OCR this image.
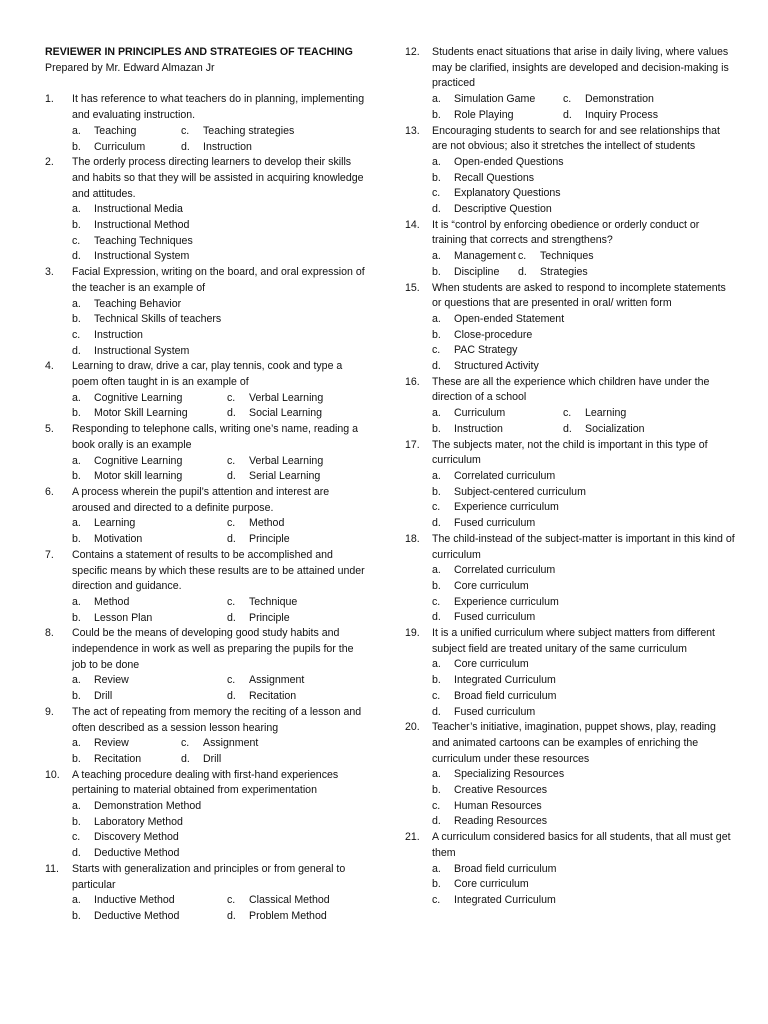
REVIEWER IN PRINCIPLES AND STRATEGIES OF TEACHING

Prepared by Mr. Edward Almazan Jr

1.	It has reference to what teachers do in planning, implementing and evaluating instruction.

a.	Teaching	c.	Teaching strategies
b.	Curriculum	d.	Instruction
2.	The orderly process directing learners to develop their skills and habits so that they will be assisted in acquiring knowledge and attitudes.

a.	Instructional Media
b.	Instructional Method
c.	Teaching Techniques
d.	Instructional System
3.	Facial Expression, writing on the board, and oral expression of the teacher is an example of

a.	Teaching Behavior
b.	Technical Skills of teachers
c.	Instruction
d.	Instructional System
4.	Learning to draw, drive a car, play tennis, cook and type a poem often taught in is an example of

a.	Cognitive Learning	c.	Verbal Learning
b.	Motor Skill Learning	d.	Social Learning
5.	Responding to telephone calls, writing one’s name, reading a book orally is an example

a.	Cognitive Learning	c.	Verbal Learning
b.	Motor skill learning	d.	Serial Learning
6.	A process wherein the pupil’s attention and interest are aroused and directed to a definite purpose.

a.	Learning	c.	Method
b.	Motivation	d.	Principle
7.	Contains a statement of results to be accomplished and specific means by which these results are to be attained under direction and guidance.

a.	Method	c.	Technique
b.	Lesson Plan	d.	Principle
8.	Could be the means of developing good study habits and independence in work as well as preparing the pupils for the job to be done

a.	Review	c.	Assignment
b.	Drill	d.	Recitation
9.	The act of repeating from memory the reciting of a lesson and often described as a session lesson hearing

a.	Review	c.	Assignment
b.	Recitation	d.	Drill
10.	A teaching procedure dealing with first-hand experiences pertaining to material obtained from experimentation

a.	Demonstration Method
b.	Laboratory Method
c.	Discovery Method
d.	Deductive Method
11.	Starts with generalization and principles or from general to particular

a.	Inductive Method	c.	Classical Method
b.	Deductive Method	d.	Problem Method
12.	Students enact situations that arise in daily living, where values may be clarified, insights are developed and decision-making is practiced

a.	Simulation Game	c.	Demonstration
b.	Role Playing	d.	Inquiry Process
13.	Encouraging students to search for and see relationships that are not obvious; also it stretches the intellect of students

a.	Open-ended Questions
b.	Recall Questions
c.	Explanatory Questions
d.	Descriptive Question
14.	It is “control by enforcing obedience or orderly conduct or training that corrects and strengthens?

a.	Management c.	Techniques
b.	Discipline d.	Strategies
15.	When students are asked to respond to incomplete statements or questions that are presented in oral/ written form

a.	Open-ended Statement
b.	Close-procedure
c.	PAC Strategy
d.	Structured Activity
16.	These are all the experience which children have under the direction of a school

a.	Curriculum	c.	Learning
b.	Instruction	d.	Socialization
17.	The subjects mater, not the child is important in this type of curriculum

a.	Correlated curriculum
b.	Subject-centered curriculum
c.	Experience curriculum
d.	Fused curriculum
18.	The child-instead of the subject-matter is important in this kind of curriculum

a.	Correlated curriculum
b.	Core curriculum
c.	Experience curriculum
d.	Fused curriculum
19.	It is a unified curriculum where subject matters from different subject field are treated unitary of the same curriculum

a.	Core curriculum
b.	Integrated Curriculum
c.	Broad field curriculum
d.	Fused curriculum
20.	Teacher’s initiative, imagination, puppet shows, play, reading and animated cartoons can be examples of enriching the curriculum under these resources

a.	Specializing Resources
b.	Creative Resources
c.	Human Resources
d.	Reading Resources
21.	A curriculum considered basics for all students, that all must get them

a.	Broad field curriculum
b.	Core curriculum
c.	Integrated Curriculum
